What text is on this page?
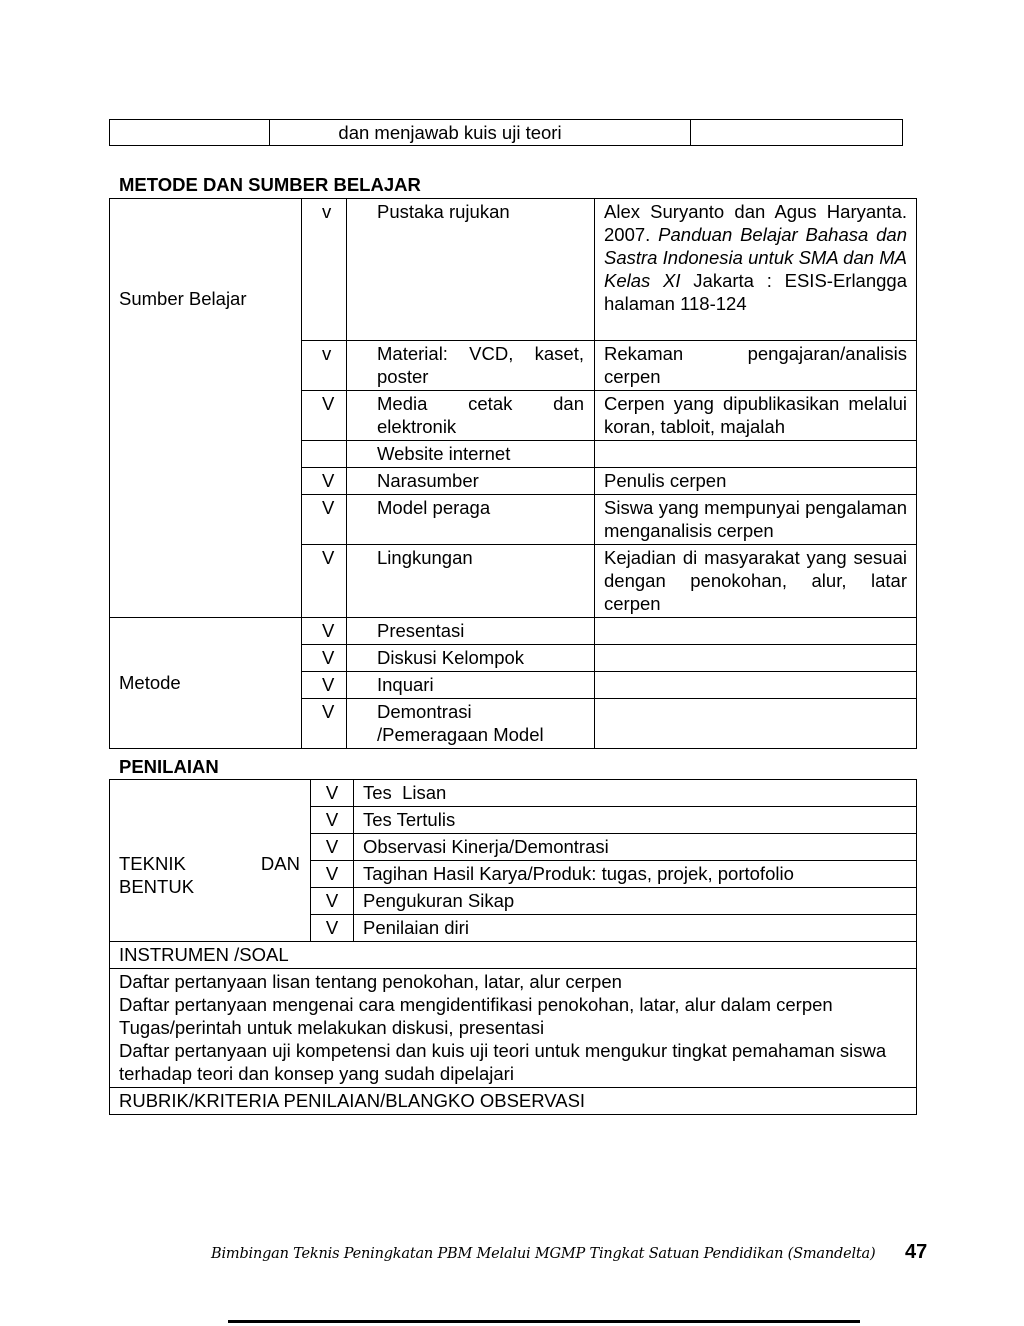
	dan menjawab kuis uji teori	
METODE DAN SUMBER BELAJAR
Sumber Belajar	v	Pustaka rujukan	Alex Suryanto dan Agus Haryanta. 2007. Panduan Belajar Bahasa dan Sastra Indonesia untuk SMA dan MA Kelas XI Jakarta : ESIS-Erlangga halaman 118-124
	v	Material: VCD, kaset, poster	Rekaman pengajaran/analisis cerpen
	V	Media cetak dan elektronik	Cerpen yang dipublikasikan melalui koran, tabloit, majalah
		Website internet	
	V	Narasumber	Penulis cerpen
	V	Model peraga	Siswa yang mempunyai pengalaman menganalisis cerpen
	V	Lingkungan	Kejadian di masyarakat yang sesuai dengan penokohan, alur, latar cerpen
Metode	V	Presentasi	
	V	Diskusi Kelompok	
	V	Inquari	
	V	Demontrasi /Pemeragaan Model	
PENILAIAN
TEKNIK DAN
BENTUK	V	Tes  Lisan
	V	Tes Tertulis
	V	Observasi Kinerja/Demontrasi
	V	Tagihan Hasil Karya/Produk: tugas, projek, portofolio
	V	Pengukuran Sikap
	V	Penilaian diri
INSTRUMEN /SOAL		

Daftar pertanyaan lisan tentang penokohan, latar, alur cerpen
Daftar pertanyaan mengenai cara mengidentifikasi penokohan, latar, alur dalam cerpen
Tugas/perintah untuk melakukan diskusi, presentasi
Daftar pertanyaan uji kompetensi dan kuis uji teori untuk mengukur tingkat pemahaman siswa terhadap teori dan konsep yang sudah dipelajari		

RUBRIK/KRITERIA PENILAIAN/BLANGKO OBSERVASI		
Bimbingan Teknis Peningkatan PBM Melalui MGMP Tingkat Satuan Pendidikan (Smandelta) 47
